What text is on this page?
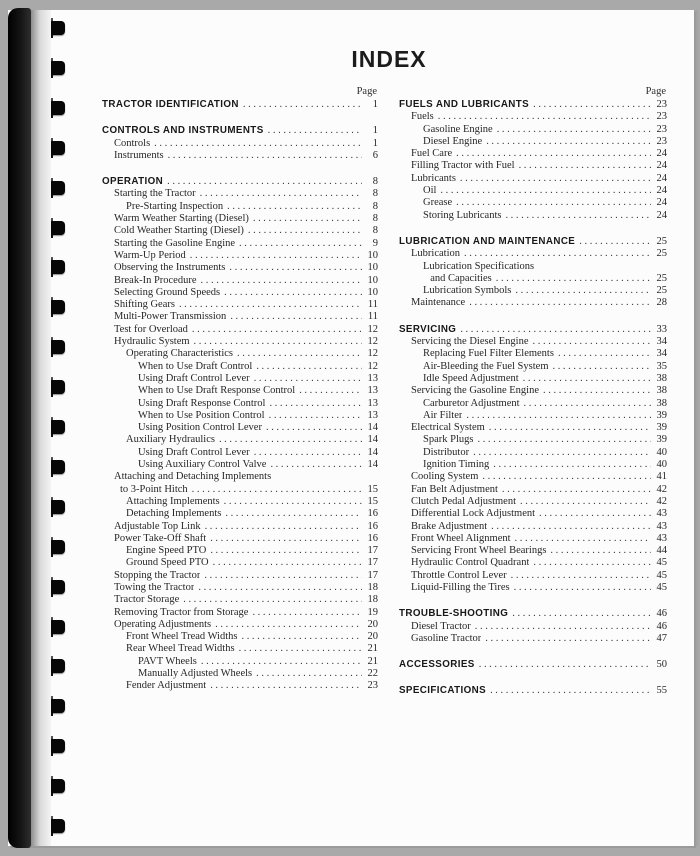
INDEX
Page
TRACTOR IDENTIFICATION .....	1
CONTROLS AND INSTRUMENTS .....	1
Controls .....	1
Instruments .....	6
OPERATION .....	8
Starting the Tractor .....	8
Pre-Starting Inspection .....	8
Warm Weather Starting (Diesel) .....	8
Cold Weather Starting (Diesel) .....	8
Starting the Gasoline Engine .....	9
Warm-Up Period .....	10
Observing the Instruments .....	10
Break-In Procedure .....	10
Selecting Ground Speeds .....	10
Shifting Gears .....	11
Multi-Power Transmission .....	11
Test for Overload .....	12
Hydraulic System .....	12
Operating Characteristics .....	12
When to Use Draft Control .....	12
Using Draft Control Lever .....	13
When to Use Draft Response Control .....	13
Using Draft Response Control .....	13
When to Use Position Control .....	13
Using Position Control Lever .....	14
Auxiliary Hydraulics .....	14
Using Draft Control Lever .....	14
Using Auxiliary Control Valve .....	14
Attaching and Detaching Implements
to 3-Point Hitch .....	15
Attaching Implements .....	15
Detaching Implements .....	16
Adjustable Top Link .....	16
Power Take-Off Shaft .....	16
Engine Speed PTO .....	17
Ground Speed PTO .....	17
Stopping the Tractor .....	17
Towing the Tractor .....	18
Tractor Storage .....	18
Removing Tractor from Storage .....	19
Operating Adjustments .....	20
Front Wheel Tread Widths .....	20
Rear Wheel Tread Widths .....	21
PAVT Wheels .....	21
Manually Adjusted Wheels .....	22
Fender Adjustment .....	23
Page
FUELS AND LUBRICANTS .....	23
Fuels .....	23
Gasoline Engine .....	23
Diesel Engine .....	23
Fuel Care .....	24
Filling Tractor with Fuel .....	24
Lubricants .....	24
Oil .....	24
Grease .....	24
Storing Lubricants .....	24
LUBRICATION AND MAINTENANCE .....	25
Lubrication .....	25
Lubrication Specifications
and Capacities .....	25
Lubrication Symbols .....	25
Maintenance .....	28
SERVICING .....	33
Servicing the Diesel Engine .....	34
Replacing Fuel Filter Elements .....	34
Air-Bleeding the Fuel System .....	35
Idle Speed Adjustment .....	38
Servicing the Gasoline Engine .....	38
Carburetor Adjustment .....	38
Air Filter .....	39
Electrical System .....	39
Spark Plugs .....	39
Distributor .....	40
Ignition Timing .....	40
Cooling System .....	41
Fan Belt Adjustment .....	42
Clutch Pedal Adjustment .....	42
Differential Lock Adjustment .....	43
Brake Adjustment .....	43
Front Wheel Alignment .....	43
Servicing Front Wheel Bearings .....	44
Hydraulic Control Quadrant .....	45
Throttle Control Lever .....	45
Liquid-Filling the Tires .....	45
TROUBLE-SHOOTING .....	46
Diesel Tractor .....	46
Gasoline Tractor .....	47
ACCESSORIES .....	50
SPECIFICATIONS .....	55
